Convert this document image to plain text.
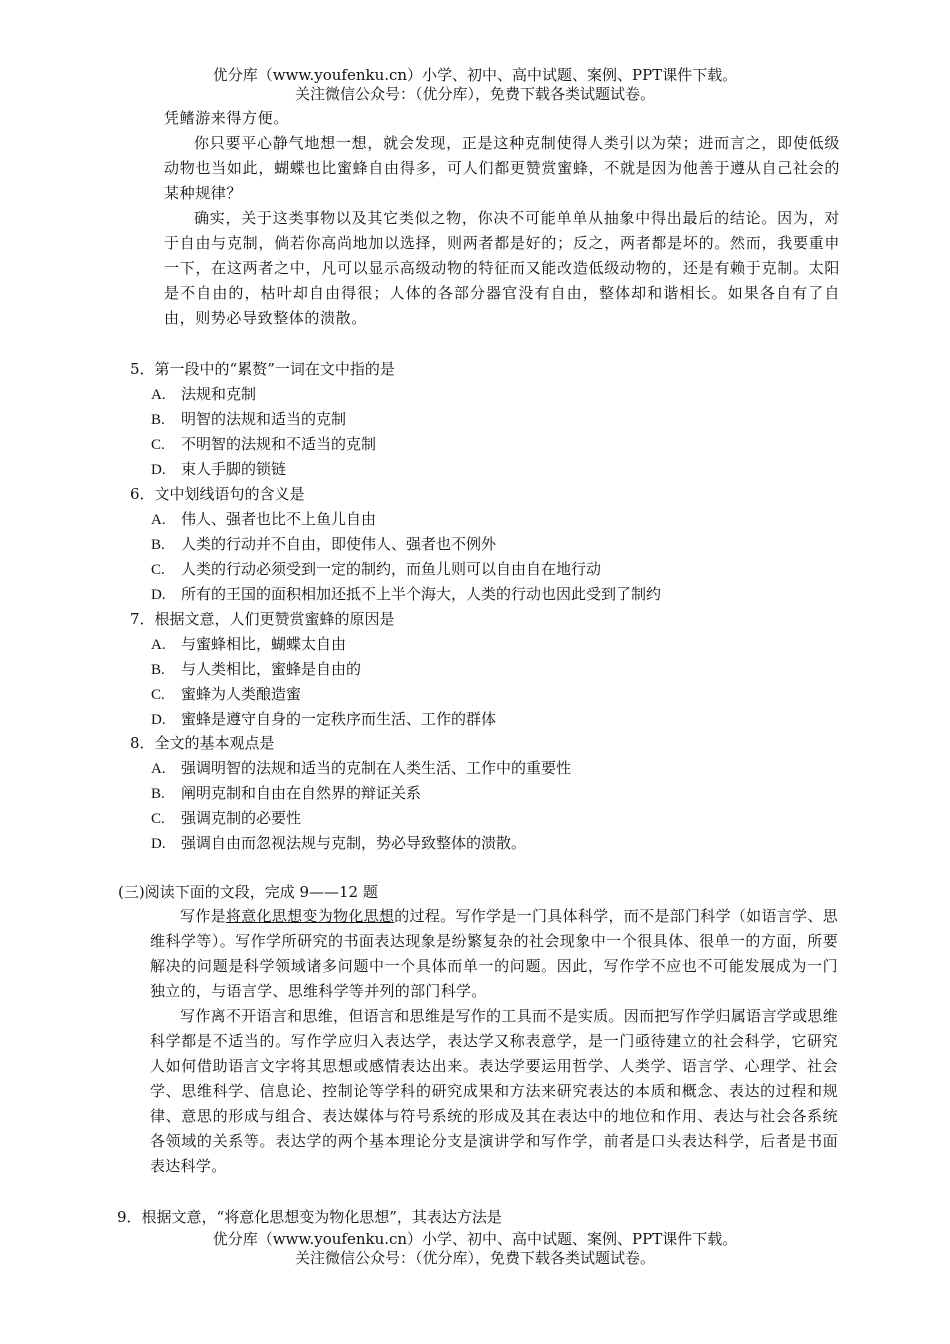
优分库（www.youfenku.cn）小学、初中、高中试题、案例、PPT课件下载。
关注微信公众号：（优分库），免费下载各类试题试卷。

凭鳍游来得方便。

你只要平心静气地想一想，就会发现，正是这种克制使得人类引以为荣；进而言之，即使低级动物也当如此，蝴蝶也比蜜蜂自由得多，可人们都更赞赏蜜蜂，不就是因为他善于遵从自己社会的某种规律？

确实，关于这类事物以及其它类似之物，你决不可能单单从抽象中得出最后的结论。因为，对于自由与克制，倘若你高尚地加以选择，则两者都是好的；反之，两者都是坏的。然而，我要重申一下，在这两者之中，凡可以显示高级动物的特征而又能改造低级动物的，还是有赖于克制。太阳是不自由的，枯叶却自由得很；人体的各部分器官没有自由，整体却和谐相长。如果各自有了自由，则势必导致整体的溃散。

5．第一段中的“累赘”一词在文中指的是
A. 法规和克制
B. 明智的法规和适当的克制
C. 不明智的法规和不适当的克制
D. 束人手脚的锁链
6．文中划线语句的含义是
A. 伟人、强者也比不上鱼儿自由
B. 人类的行动并不自由，即使伟人、强者也不例外
C. 人类的行动必须受到一定的制约，而鱼儿则可以自由自在地行动
D. 所有的王国的面积相加还抵不上半个海大，人类的行动也因此受到了制约
7．根据文意，人们更赞赏蜜蜂的原因是
A. 与蜜蜂相比，蝴蝶太自由
B. 与人类相比，蜜蜂是自由的
C. 蜜蜂为人类酿造蜜
D. 蜜蜂是遵守自身的一定秩序而生活、工作的群体
8．全文的基本观点是
A. 强调明智的法规和适当的克制在人类生活、工作中的重要性
B. 阐明克制和自由在自然界的辩证关系
C. 强调克制的必要性
D. 强调自由而忽视法规与克制，势必导致整体的溃散。
(三)阅读下面的文段，完成 9——12 题

写作是将意化思想变为物化思想的过程。写作学是一门具体科学，而不是部门科学（如语言学、思维科学等）。写作学所研究的书面表达现象是纷繁复杂的社会现象中一个很具体、很单一的方面，所要解决的问题是科学领域诸多问题中一个具体而单一的问题。因此，写作学不应也不可能发展成为一门独立的，与语言学、思维科学等并列的部门科学。

写作离不开语言和思维，但语言和思维是写作的工具而不是实质。因而把写作学归属语言学或思维科学都是不适当的。写作学应归入表达学，表达学又称表意学，是一门亟待建立的社会科学，它研究人如何借助语言文字将其思想或感情表达出来。表达学要运用哲学、人类学、语言学、心理学、社会学、思维科学、信息论、控制论等学科的研究成果和方法来研究表达的本质和概念、表达的过程和规律、意思的形成与组合、表达媒体与符号系统的形成及其在表达中的地位和作用、表达与社会各系统各领域的关系等。表达学的两个基本理论分支是演讲学和写作学，前者是口头表达科学，后者是书面表达科学。

9．根据文意，“将意化思想变为物化思想”，其表达方法是
优分库（www.youfenku.cn）小学、初中、高中试题、案例、PPT课件下载。
关注微信公众号：（优分库），免费下载各类试题试卷。
